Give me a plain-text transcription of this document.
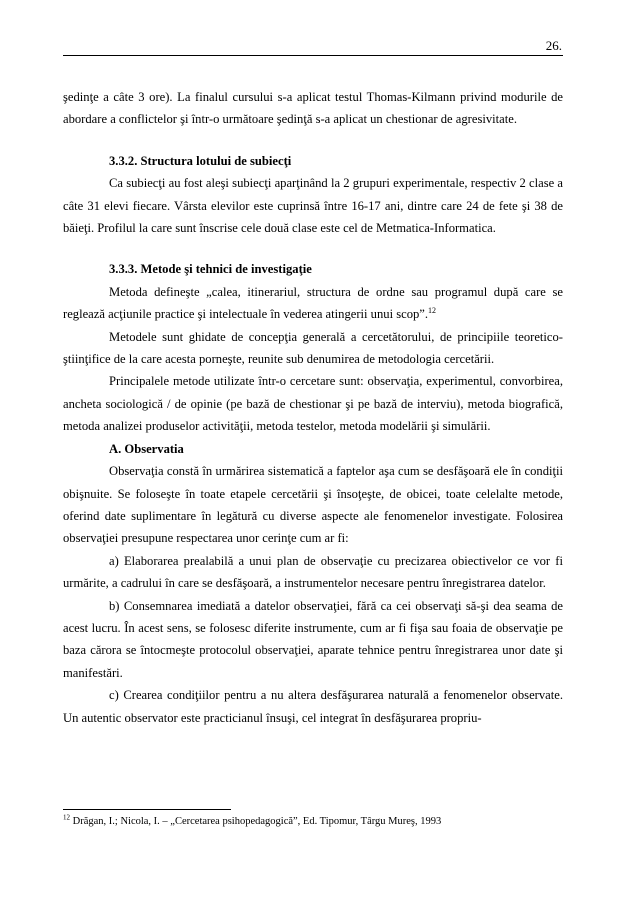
26.

şedinţe a câte 3 ore). La finalul cursului s-a aplicat testul Thomas-Kilmann privind modurile de abordare a conflictelor şi într-o următoare şedinţă s-a aplicat un chestionar de agresivitate.

3.3.2. Structura lotului de subiecţi

Ca subiecţi au fost aleşi subiecţi aparţinând la 2 grupuri experimentale, respectiv 2 clase a câte 31 elevi fiecare. Vârsta elevilor este cuprinsă între 16-17 ani, dintre care 24 de fete şi 38 de băieţi. Profilul la care sunt înscrise cele două clase este cel de Metmatica-Informatica.

3.3.3. Metode şi tehnici de investigaţie

Metoda defineşte „calea, itinerariul, structura de ordne sau programul după care se reglează acţiunile practice şi intelectuale în vederea atingerii unui scop”.$^{12}$

Metodele sunt ghidate de concepţia generală a cercetătorului, de principiile teoretico-ştiinţifice de la care acesta porneşte, reunite sub denumirea de metodologia cercetării.

Principalele metode utilizate într-o cercetare sunt: observaţia, experimentul, convorbirea, ancheta sociologică / de opinie (pe bază de chestionar şi pe bază de interviu), metoda biografică, metoda analizei produselor activităţii, metoda testelor, metoda modelării şi simulării.

A. Observatia

Observaţia constă în urmărirea sistematică a faptelor aşa cum se desfăşoară ele în condiţii obişnuite. Se foloseşte în toate etapele cercetării şi însoţeşte, de obicei, toate celelalte metode, oferind date suplimentare în legătură cu diverse aspecte ale fenomenelor investigate. Folosirea observaţiei presupune respectarea unor cerinţe cum ar fi:

a) Elaborarea prealabilă a unui plan de observaţie cu precizarea obiectivelor ce vor fi urmărite, a cadrului în care se desfăşoară, a instrumentelor necesare pentru înregistrarea datelor.

b) Consemnarea imediată a datelor observaţiei, fără ca cei observaţi să-şi dea seama de acest lucru. În acest sens, se folosesc diferite instrumente, cum ar fi fişa sau foaia de observaţie pe baza cărora se întocmeşte protocolul observaţiei, aparate tehnice pentru înregistrarea unor date şi manifestări.

c) Crearea condiţiilor pentru a nu altera desfăşurarea naturală a fenomenelor observate. Un autentic observator este practicianul însuşi, cel integrat în desfăşurarea propriu-

$^{12}$ Drăgan, I.; Nicola, I. – „Cercetarea psihopedagogică”, Ed. Tipomur, Târgu Mureş, 1993
